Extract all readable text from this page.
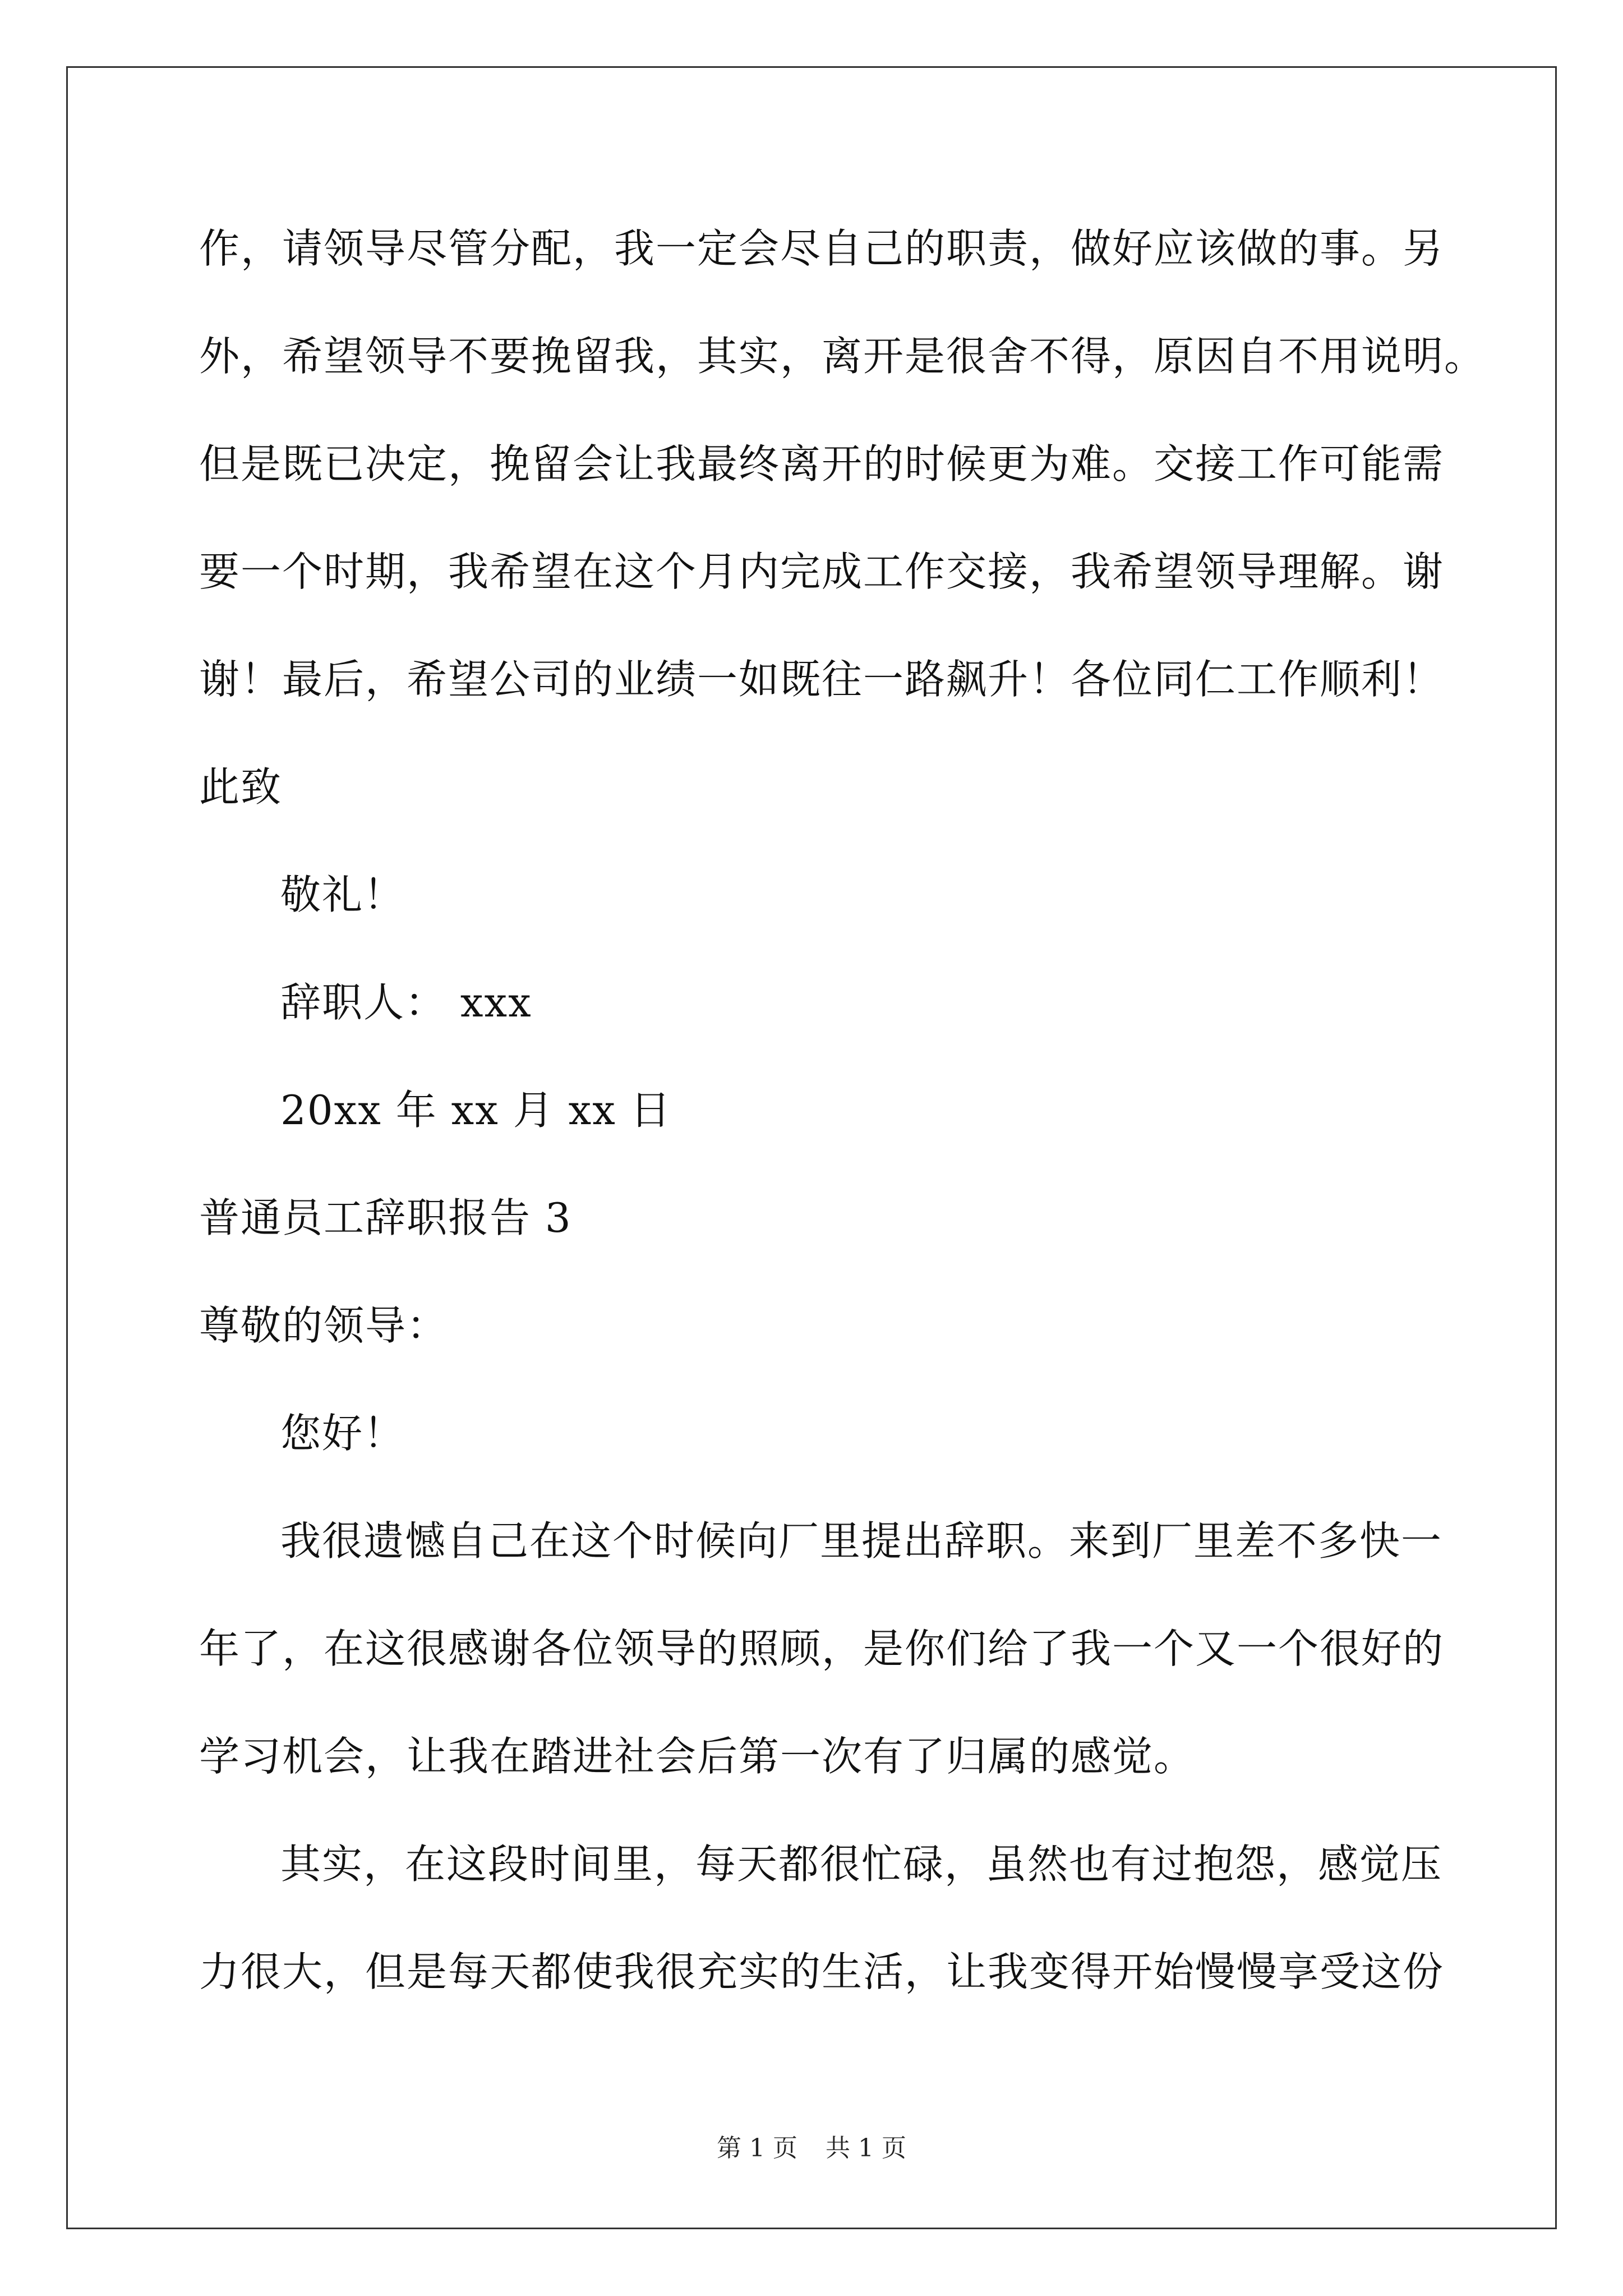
作，请领导尽管分配，我一定会尽自己的职责，做好应该做的事。另
外，希望领导不要挽留我，其实，离开是很舍不得，原因自不用说明。
但是既已决定，挽留会让我最终离开的时候更为难。交接工作可能需
要一个时期，我希望在这个月内完成工作交接，我希望领导理解。谢
谢！最后，希望公司的业绩一如既往一路飙升！各位同仁工作顺利！
此致
敬礼！
辞职人： xxx
20xx 年 xx 月 xx 日
普通员工辞职报告 3
尊敬的领导：
您好！
我很遗憾自己在这个时候向厂里提出辞职。来到厂里差不多快一
年了，在这很感谢各位领导的照顾，是你们给了我一个又一个很好的
学习机会，让我在踏进社会后第一次有了归属的感觉。
其实，在这段时间里，每天都很忙碌，虽然也有过抱怨，感觉压
力很大，但是每天都使我很充实的生活，让我变得开始慢慢享受这份
第 1 页 共 1 页
